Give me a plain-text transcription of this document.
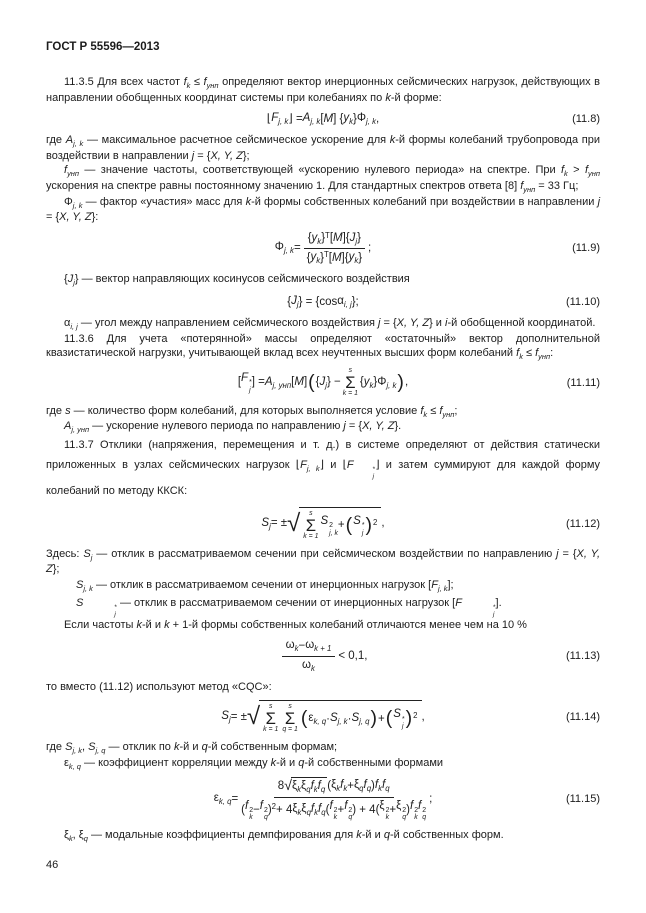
ГОСТ Р 55596—2013
11.3.5 Для всех частот $f_k \le f_{унп}$ определяют вектор инерционных сейсмических нагрузок, действующих в направлении обобщенных координат системы при колебаниях по k-й форме:
⌊ $F_{j, k}$ ⌋ = $A_{j, k}$ [ M ] { $y_k$ } $\Phi_{j, k}$ ,	(11.8)
где $A_{j, k}$ — максимальное расчетное сейсмическое ускорение для k-й формы колебаний трубопровода при воздействии в направлении j = {X, Y, Z};
$f_{унп}$ — значение частоты, соответствующей «ускорению нулевого периода» на спектре. При $f_k > f_{унп}$ ускорения на спектре равны постоянному значению 1. Для стандартных спектров ответа [8] $f_{унп} = 33$ Гц;
$\Phi_{j, k}$ — фактор «участия» масс для k-й формы собственных колебаний при воздействии в направлении j = {X, Y, Z}:
$\Phi_{j, k} = \frac{\{ y_k \} ^T [ M ]\{ J_j \}}{\{ y_k \} ^T [ M ]\{ y_k \}}$ ;	(11.9)
$\{J_j\}$ — вектор направляющих косинусов сейсмического воздействия
{ $J_j$ } = {cos $\alpha_{i, j}$ };	(11.10)
$\alpha_{i, j}$ — угол между направлением сейсмического воздействия j = {X, Y, Z} и i-й обобщенной координатой.
11.3.6 Для учета «потерянной» массы определяют «остаточный» вектор дополнительной квазистатической нагрузки, учитывающей вклад всех неучтенных высших форм колебаний $f_k \le f_{унп}$:
[ F *
j
] = $A_{j, унп}$ [ M ] ( { $J_j$ } −
s
Σ
k = 1
{ $y_k$ } $\Phi_{j, k}$ ) ,	(11.11)
где s — количество форм колебаний, для которых выполняется условие $f_k \le f_{унп}$;
$A_{j, унп}$ — ускорение нулевого периода по направлению j = {X, Y, Z}.
11.3.7 Отклики (напряжения, перемещения и т. д.) в системе определяют от действия статически приложенных в узлах сейсмических нагрузок $⌊F_{j, k}⌋$ и ⌊F	*
j
⌋ и затем суммируют для каждой форму колебаний по методу ККСК:
$S_j$ = ± √ s
Σ
k = 1
S 2
j, k
+ ( S *
j ) $^2$ ,	(11.12)
Здесь: $S_j$ — отклик в рассматриваемом сечении при сейсмическом воздействии по направлению j = {X, Y, Z};
$S_{j, k}$ — отклик в рассматриваемом сечении от инерционных нагрузок $[F_{j, k}]$;
S	*
j
— отклик в рассматриваемом сечении от инерционных нагрузок [F	*
j
].
Если частоты k-й и k + 1-й формы собственных колебаний отличаются менее чем на 10 %
$\frac{\omega_k - \omega_{k + 1}}{\omega_k} < 0,1$,	(11.13)
то вместо (11.12) используют метод «CQC»:
$S_j$ = ± √ s
Σ
k = 1
s
Σ
q = 1
( $\varepsilon_{k, q} \cdot S_{j, k} \cdot S_{j, q}$ ) + ( S *
j ) $^2$ ,	(11.14)
где $S_{j, k}$, $S_{j, q}$ — отклик по k-й и q-й собственным формам;
$\varepsilon_{k, q}$ — коэффициент корреляции между k-й и q-й собственными формами
$\varepsilon_{k, q} = 8$ √ $\xi_k$ $\xi_q$ $f_k$ $f_q$ ( $\xi_k$ $f_k + \xi_q$ $f_q$ ) $f_k$ $f_q$
( f 2
k
− f 2
q
) $^2$ + 4 $\xi_k$ $\xi_q$ $f_k$ $f_q$ ( f 2
k
+ f 2
q
) + 4( ξ 2
k
+ ξ 2
q
) f 2
k
f 2
q ;	(11.15)
$\xi_k$, $\xi_q$ — модальные коэффициенты демпфирования для k-й и q-й собственных форм.
46
